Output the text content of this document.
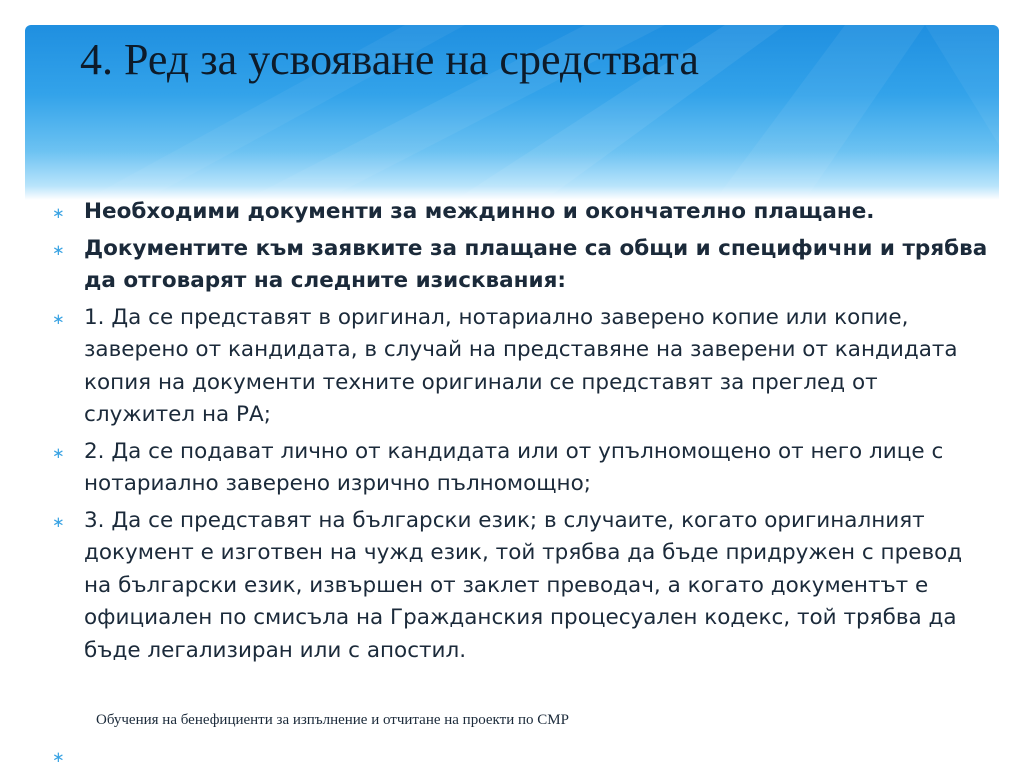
4. Ред за усвояване на средствата
∗ Необходими документи за междинно и окончателно плащане.
∗ Документите към заявките за плащане са общи и специфични и трябва да отговарят на следните изисквания:
∗ 1. Да се представят в оригинал, нотариално заверено копие или копие, заверено от кандидата, в случай на представяне на заверени от кандидата копия на документи техните оригинали се представят за преглед от служител на РА;
∗ 2. Да се подават лично от кандидата или от упълномощено от него лице с нотариално заверено изрично пълномощно;
∗ 3. Да се представят на български език; в случаите, когато оригиналният документ е изготвен на чужд език, той трябва да бъде придружен с превод на български език, извършен от заклет преводач, а когато документът е официален по смисъла на Гражданския процесуален кодекс, той трябва да бъде легализиран или с апостил.
Обучения на бенефициенти за изпълнение и отчитане на проекти по СМР
∗
